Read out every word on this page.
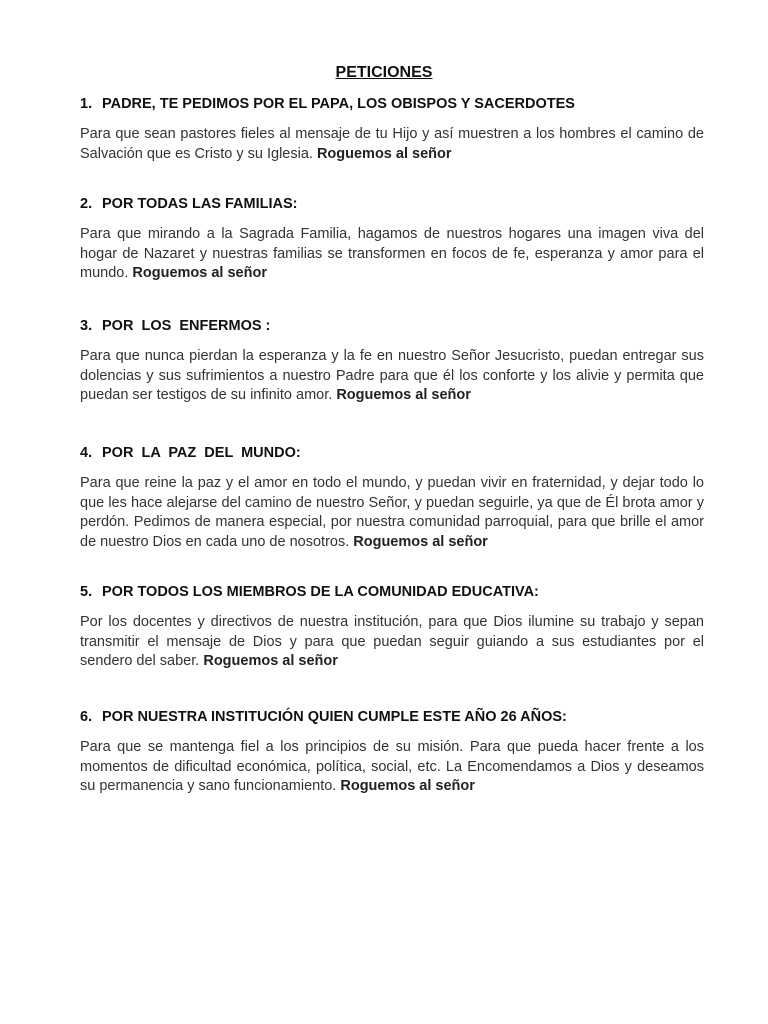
PETICIONES

1. PADRE, TE PEDIMOS POR EL PAPA, LOS OBISPOS Y SACERDOTES

Para que sean pastores fieles al mensaje de tu Hijo y así muestren a los hombres el camino de Salvación que es Cristo y su Iglesia. Roguemos al señor

2. POR TODAS LAS FAMILIAS:

Para que mirando a la Sagrada Familia, hagamos de nuestros hogares una imagen viva del hogar de Nazaret y nuestras familias se transformen en focos de fe, esperanza y amor para el mundo. Roguemos al señor

3. POR  LOS  ENFERMOS :

Para que nunca pierdan la esperanza y la fe en nuestro Señor Jesucristo, puedan entregar sus dolencias y sus sufrimientos a nuestro Padre para que él los conforte y los alivie y permita que puedan ser testigos de su infinito amor. Roguemos al señor

4. POR  LA  PAZ  DEL  MUNDO:

Para que reine la paz y el amor en todo el mundo, y puedan vivir en fraternidad, y dejar todo lo que les hace alejarse del camino de nuestro Señor, y puedan seguirle, ya que de Él brota amor y perdón. Pedimos de manera especial, por nuestra comunidad parroquial, para que brille el amor de nuestro Dios en cada uno de nosotros. Roguemos al señor

5. POR TODOS LOS MIEMBROS DE LA COMUNIDAD EDUCATIVA:

Por los docentes y directivos de nuestra institución, para que Dios ilumine su trabajo y sepan transmitir el mensaje de Dios y para que puedan seguir guiando a sus estudiantes por el sendero del saber. Roguemos al señor

6. POR NUESTRA INSTITUCIÓN QUIEN CUMPLE ESTE AÑO 26 AÑOS:

Para que se mantenga fiel a los principios de su misión. Para que pueda hacer frente a los momentos de dificultad económica, política, social, etc. La Encomendamos a Dios y deseamos su permanencia y sano funcionamiento. Roguemos al señor
